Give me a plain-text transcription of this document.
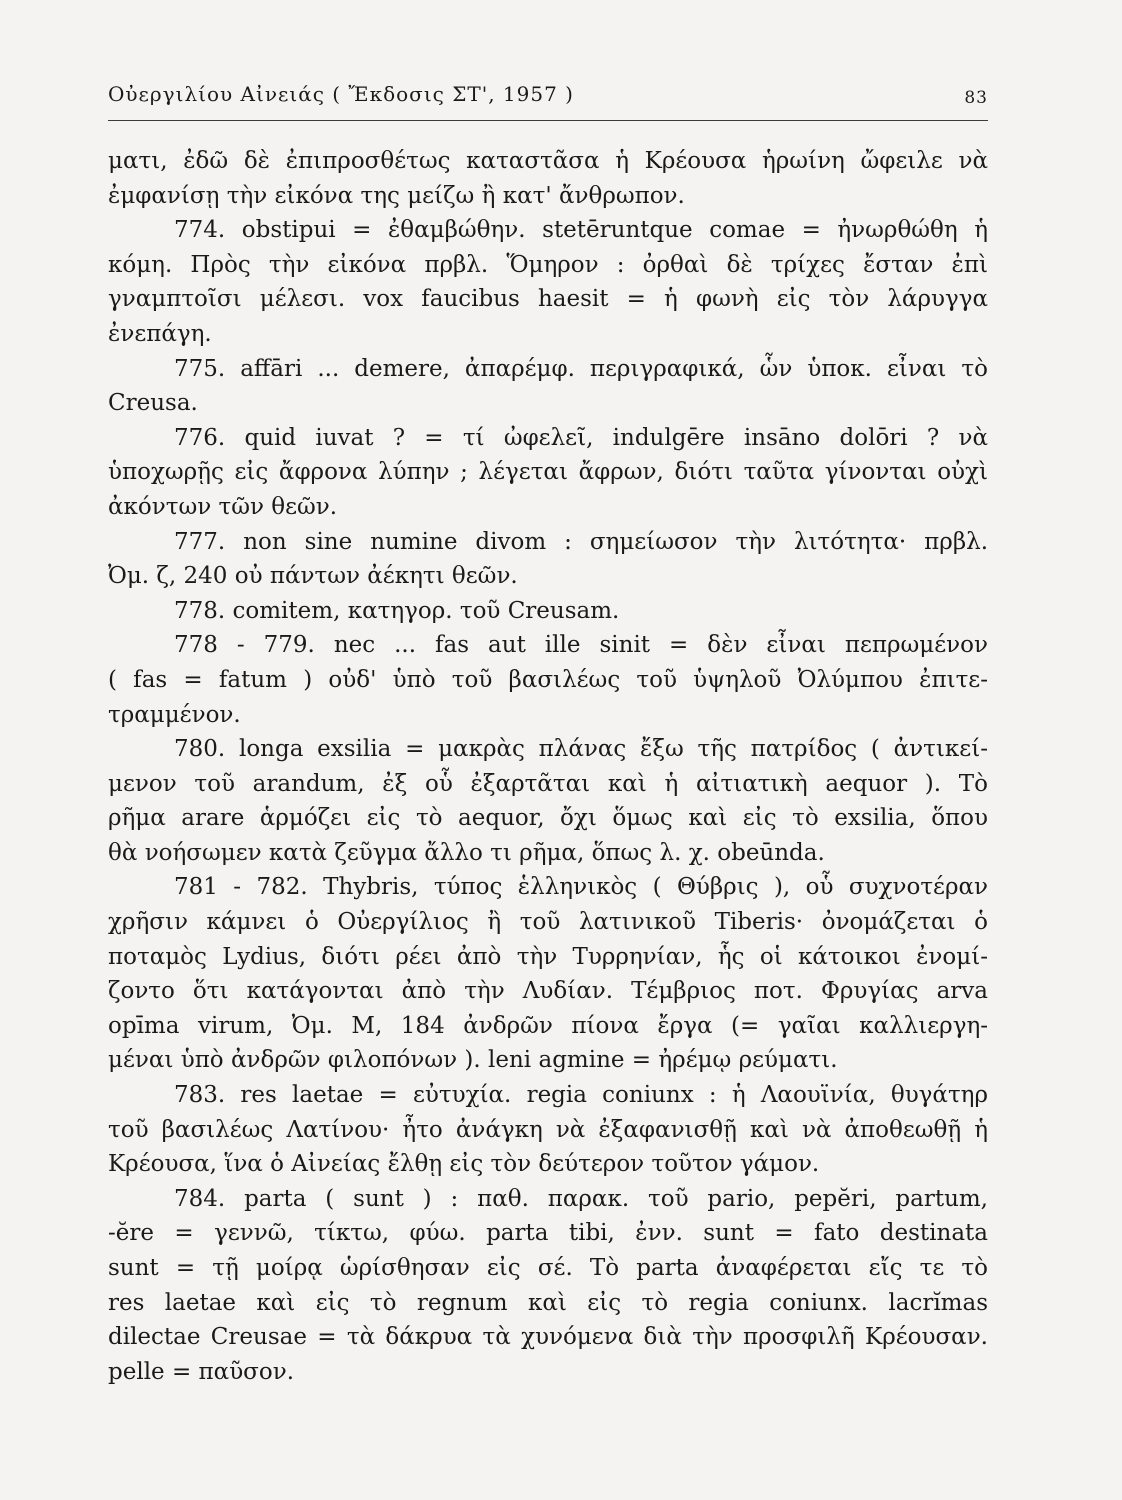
Οὐεργιλίου Αἰνειάς ( Ἔκδοσις ΣΤ', 1957 )	83
ματι, ἐδῶ δὲ ἐπιπροσθέτως καταστᾶσα ἡ Κρέουσα ἡρωίνη ὤφειλε νὰ
ἐμφανίσῃ τὴν εἰκόνα της μείζω ἢ κατ' ἄνθρωπον.
774. obstipui = ἐθαμβώθην. stetēruntque comae = ἠνωρθώθη ἡ
κόμη. Πρὸς τὴν εἰκόνα πρβλ. Ὅμηρον : ὀρθαὶ δὲ τρίχες ἔσταν ἐπὶ
γναμπτοῖσι μέλεσι. vox faucibus haesit = ἡ φωνὴ εἰς τὸν λάρυγγα
ἐνεπάγη.
775. affāri ... demere, ἀπαρέμφ. περιγραφικά, ὧν ὑποκ. εἶναι τὸ
Creusa.
776. quid iuvat ? = τί ὠφελεῖ, indulgēre insāno dolōri ? νὰ
ὑποχωρῇς εἰς ἄφρονα λύπην ; λέγεται ἄφρων, διότι ταῦτα γίνονται οὐχὶ
ἀκόντων τῶν θεῶν.
777. non sine numine divom : σημείωσον τὴν λιτότητα· πρβλ.
Ὀμ. ζ, 240 οὐ πάντων ἀέκητι θεῶν.
778. comitem, κατηγορ. τοῦ Creusam.
778 - 779. nec ... fas aut ille sinit = δὲν εἶναι πεπρωμένον
( fas = fatum ) οὐδ' ὑπὸ τοῦ βασιλέως τοῦ ὑψηλοῦ Ὀλύμπου ἐπιτε-
τραμμένον.
780. longa exsilia = μακρὰς πλάνας ἔξω τῆς πατρίδος ( ἀντικεί-
μενον τοῦ arandum, ἐξ οὗ ἐξαρτᾶται καὶ ἡ αἰτιατικὴ aequor ). Τὸ
ρῆμα arare ἁρμόζει εἰς τὸ aequor, ὄχι ὅμως καὶ εἰς τὸ exsilia, ὅπου
θὰ νοήσωμεν κατὰ ζεῦγμα ἄλλο τι ρῆμα, ὅπως λ. χ. obeūnda.
781 - 782. Thybris, τύπος ἑλληνικὸς ( Θύβρις ), οὗ συχνοτέραν
χρῆσιν κάμνει ὁ Οὐεργίλιος ἢ τοῦ λατινικοῦ Tiberis· ὀνομάζεται ὁ
ποταμὸς Lydius, διότι ρέει ἀπὸ τὴν Τυρρηνίαν, ἧς οἱ κάτοικοι ἐνομί-
ζοντο ὅτι κατάγονται ἀπὸ τὴν Λυδίαν. Τέμβριος ποτ. Φρυγίας arva
opīma virum, Ὀμ. Μ, 184 ἀνδρῶν πίονα ἔργα (= γαῖαι καλλιεργη-
μέναι ὑπὸ ἀνδρῶν φιλοπόνων ). leni agmine = ἠρέμῳ ρεύματι.
783. res laetae = εὐτυχία. regia coniunx : ἡ Λαουϊνία, θυγάτηρ
τοῦ βασιλέως Λατίνου· ἦτο ἀνάγκη νὰ ἐξαφανισθῇ καὶ νὰ ἀποθεωθῇ ἡ
Κρέουσα, ἵνα ὁ Αἰνείας ἔλθῃ εἰς τὸν δεύτερον τοῦτον γάμον.
784. parta ( sunt ) : παθ. παρακ. τοῦ pario, pepĕri, partum,
-ĕre = γεννῶ, τίκτω, φύω. parta tibi, ἐνν. sunt = fato destinata
sunt = τῇ μοίρᾳ ὡρίσθησαν εἰς σέ. Τὸ parta ἀναφέρεται εἴς τε τὸ
res laetae καὶ εἰς τὸ regnum καὶ εἰς τὸ regia coniunx. lacrĭmas
dilectae Creusae = τὰ δάκρυα τὰ χυνόμενα διὰ τὴν προσφιλῆ Κρέουσαν.
pelle = παῦσον.
